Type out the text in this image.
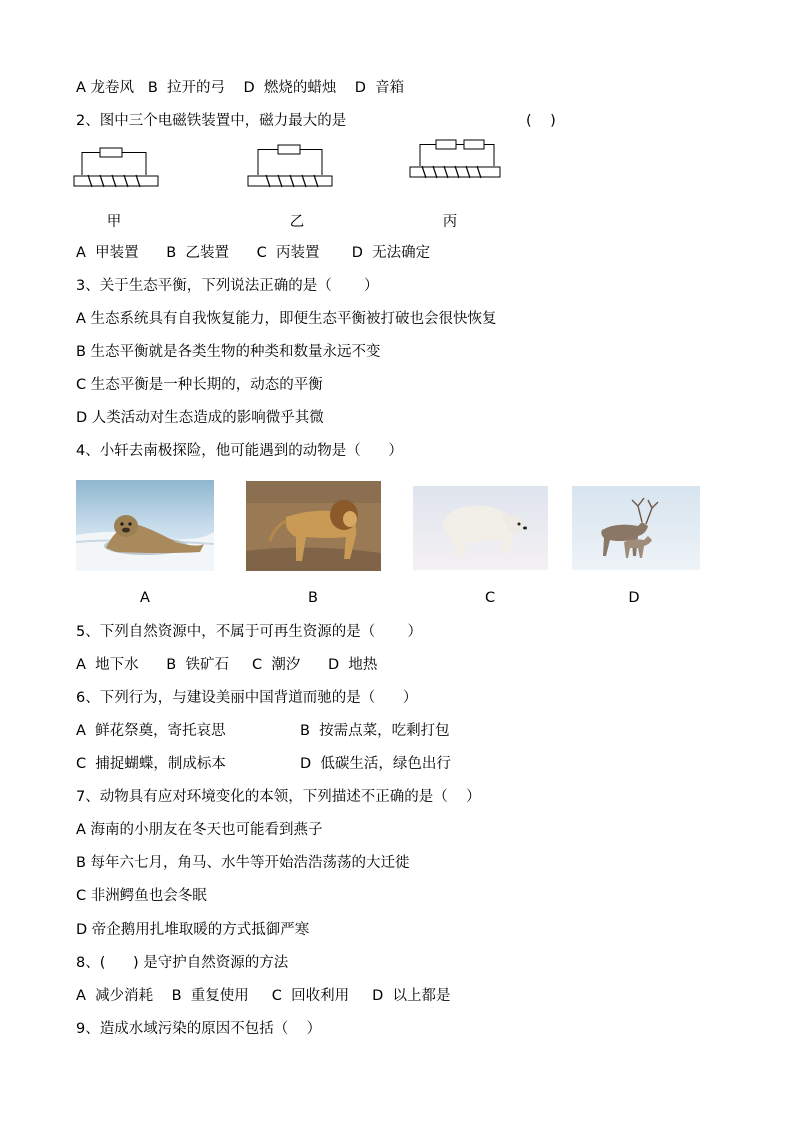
A 龙卷风   B  拉开的弓    D  燃烧的蜡烛    D  音箱
2、图中三个电磁铁装置中，磁力最大的是	(    )
甲	乙	丙
A  甲装置      B  乙装置      C  丙装置       D  无法确定
3、关于生态平衡，下列说法正确的是（       ）
A 生态系统具有自我恢复能力，即便生态平衡被打破也会很快恢复
B 生态平衡就是各类生物的种类和数量永远不变
C 生态平衡是一种长期的，动态的平衡
D 人类活动对生态造成的影响微乎其微
4、小轩去南极探险，他可能遇到的动物是（      ）
A	B	C	D
5、下列自然资源中，不属于可再生资源的是（       ）
A  地下水      B  铁矿石     C  潮汐      D  地热
6、下列行为，与建设美丽中国背道而驰的是（      ）
A  鲜花祭奠，寄托哀思	B  按需点菜，吃剩打包
C  捕捉蝴蝶，制成标本	D  低碳生活，绿色出行
7、动物具有应对环境变化的本领，下列描述不正确的是（    ）
A 海南的小朋友在冬天也可能看到燕子
B 每年六七月，角马、水牛等开始浩浩荡荡的大迁徙
C 非洲鳄鱼也会冬眠
D 帝企鹅用扎堆取暖的方式抵御严寒
8、(      ) 是守护自然资源的方法
A  减少消耗    B  重复使用     C  回收利用     D  以上都是
9、造成水域污染的原因不包括（    ）
